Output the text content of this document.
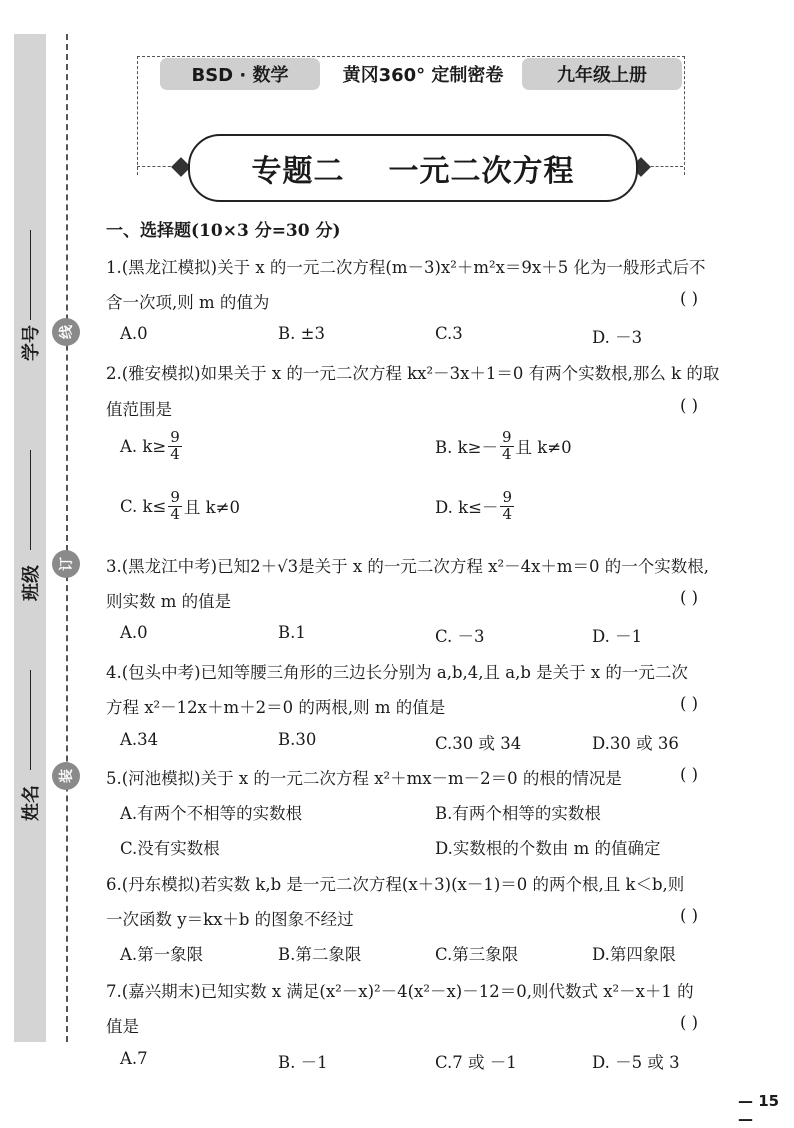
学号
班级
姓名
线
订
装
BSD · 数学	黄冈360° 定制密卷	九年级上册
专题二 一元二次方程
一、选择题(10×3 分=30 分)
1.(黑龙江模拟)关于 x 的一元二次方程(m－3)x²＋m²x＝9x＋5 化为一般形式后不
含一次项,则 m 的值为	( )
A.0	B. ±3	C.3	D. －3
2.(雅安模拟)如果关于 x 的一元二次方程 kx²－3x＋1＝0 有两个实数根,那么 k 的取
值范围是	( )
A. $k\ge \frac{9}{4}$	B. $k\ge- \frac{9}{4}$ 且 k≠0
C. $k\le \frac{9}{4}$ 且 k≠0	D. $k\le- \frac{9}{4}$
3.(黑龙江中考)已知2＋√3是关于 x 的一元二次方程 x²－4x＋m＝0 的一个实数根,
则实数 m 的值是	( )
A.0	B.1	C. －3	D. －1
4.(包头中考)已知等腰三角形的三边长分别为 a,b,4,且 a,b 是关于 x 的一元二次
方程 x²－12x＋m＋2＝0 的两根,则 m 的值是	( )
A.34	B.30	C.30 或 34	D.30 或 36
5.(河池模拟)关于 x 的一元二次方程 x²＋mx－m－2＝0 的根的情况是	( )
A.有两个不相等的实数根	B.有两个相等的实数根
C.没有实数根	D.实数根的个数由 m 的值确定
6.(丹东模拟)若实数 k,b 是一元二次方程(x＋3)(x－1)＝0 的两个根,且 k＜b,则
一次函数 y＝kx＋b 的图象不经过	( )
A.第一象限	B.第二象限	C.第三象限	D.第四象限
7.(嘉兴期末)已知实数 x 满足(x²－x)²－4(x²－x)－12＝0,则代数式 x²－x＋1 的
值是	( )
A.7	B. －1	C.7 或 －1	D. －5 或 3
— 15 —
